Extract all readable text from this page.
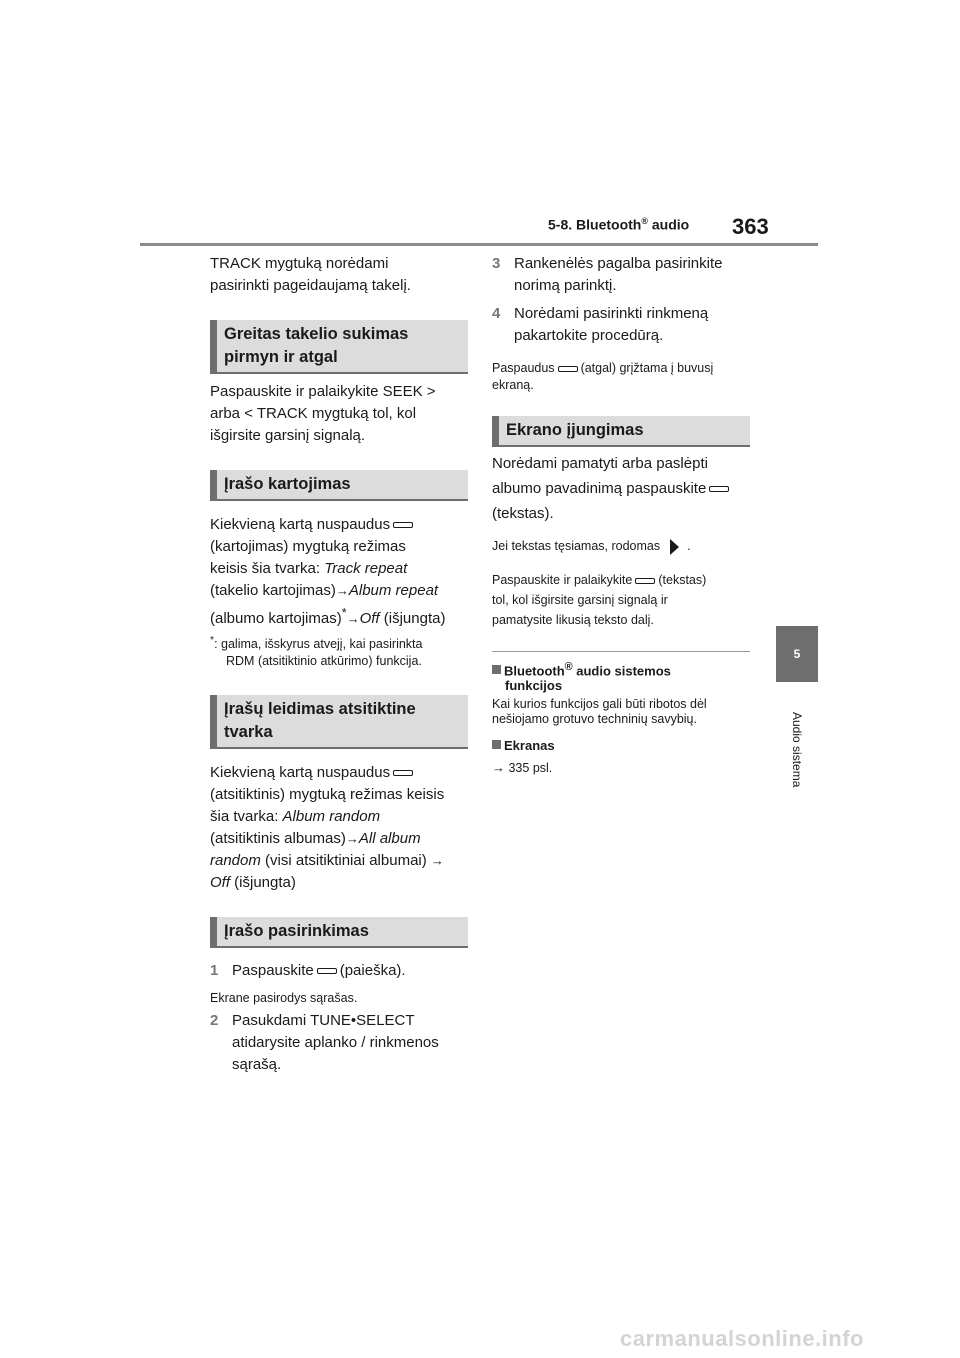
5-8. Bluetooth® audio 363
5
Audio sistema
TRACK mygtuką norėdami
pasirinkti pageidaujamą takelį.
Greitas takelio sukimas
pirmyn ir atgal
Paspauskite ir palaikykite SEEK >
arba < TRACK mygtuką tol, kol
išgirsite garsinį signalą.
Įrašo kartojimas
Kiekvieną kartą nuspaudus
(kartojimas) mygtuką režimas
keisis šia tvarka: Track repeat
(takelio kartojimas)→Album repeat
(albumo kartojimas)*→Off (išjungta)
*: galima, išskyrus atvejį, kai pasirinkta
RDM (atsitiktinio atkūrimo) funkcija.
Įrašų leidimas atsitiktine
tvarka
Kiekvieną kartą nuspaudus
(atsitiktinis) mygtuką režimas keisis
šia tvarka: Album random
(atsitiktinis albumas)→All album
random (visi atsitiktiniai albumai) →
Off (išjungta)
Įrašo pasirinkimas
1 Paspauskite (paieška).
Ekrane pasirodys sąrašas.
2 Pasukdami TUNE•SELECT
atidarysite aplanko / rinkmenos
sąrašą.
3 Rankenėlės pagalba pasirinkite
norimą parinktį.
4 Norėdami pasirinkti rinkmeną
pakartokite procedūrą.
Paspaudus (atgal) grįžtama į buvusį
ekraną.
Ekrano įjungimas
Norėdami pamatyti arba paslėpti
albumo pavadinimą paspauskite
(tekstas).
Jei tekstas tęsiamas, rodomas .
Paspauskite ir palaikykite (tekstas)
tol, kol išgirsite garsinį signalą ir
pamatysite likusią teksto dalį.
Bluetooth® audio sistemos
funkcijos
Kai kurios funkcijos gali būti ribotos dėl
nešiojamo grotuvo techninių savybių.
Ekranas
→ 335 psl.
carmanualsonline.info
